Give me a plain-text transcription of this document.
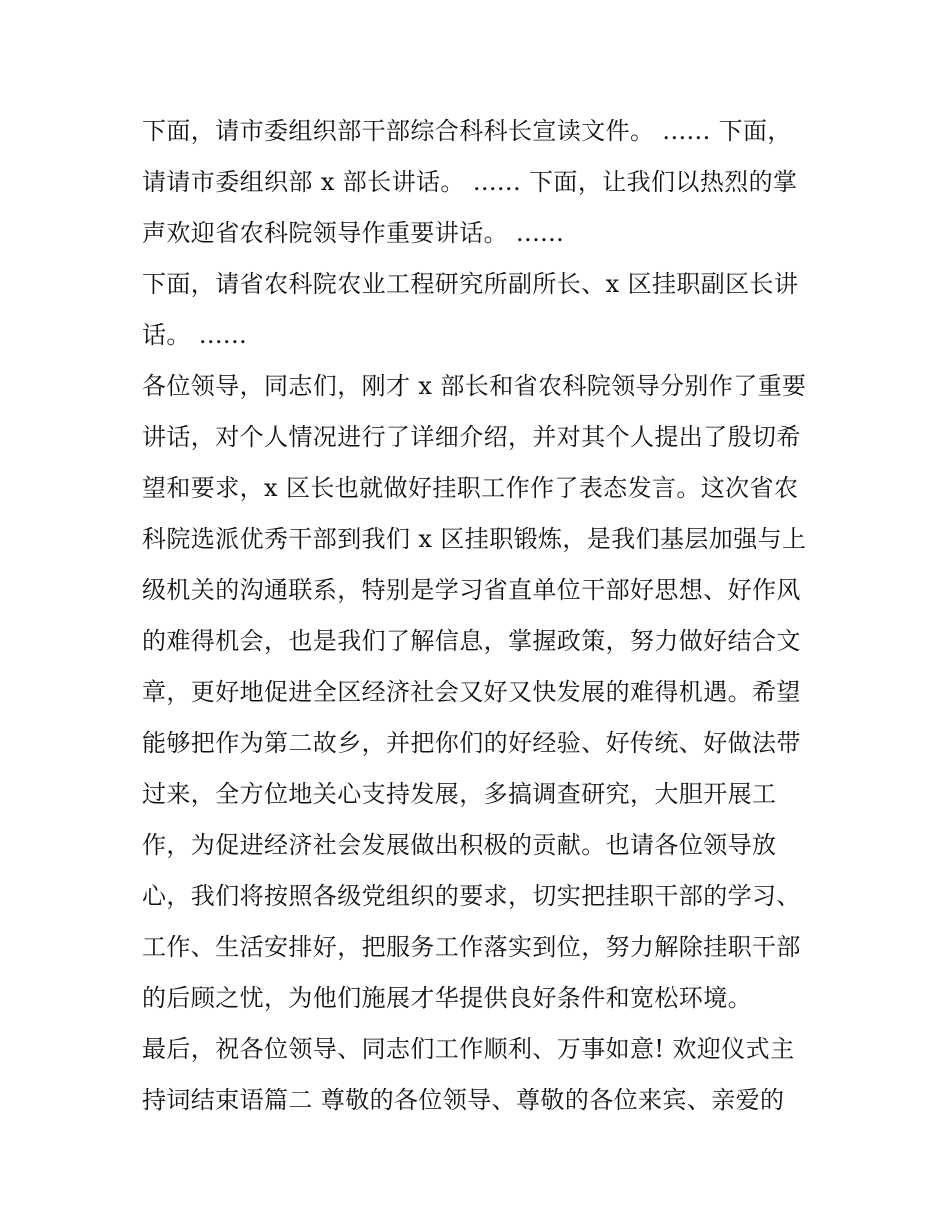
下面，请市委组织部干部综合科科长宣读文件。 ...... 下面，
请请市委组织部 x 部长讲话。 ...... 下面，让我们以热烈的掌
声欢迎省农科院领导作重要讲话。 ......
下面，请省农科院农业工程研究所副所长、x 区挂职副区长讲
话。 ......
各位领导，同志们，刚才 x 部长和省农科院领导分别作了重要
讲话，对个人情况进行了详细介绍，并对其个人提出了殷切希
望和要求，x 区长也就做好挂职工作作了表态发言。这次省农
科院选派优秀干部到我们 x 区挂职锻炼，是我们基层加强与上
级机关的沟通联系，特别是学习省直单位干部好思想、好作风
的难得机会，也是我们了解信息，掌握政策，努力做好结合文
章，更好地促进全区经济社会又好又快发展的难得机遇。希望
能够把作为第二故乡，并把你们的好经验、好传统、好做法带
过来，全方位地关心支持发展，多搞调查研究，大胆开展工
作，为促进经济社会发展做出积极的贡献。也请各位领导放
心，我们将按照各级党组织的要求，切实把挂职干部的学习、
工作、生活安排好，把服务工作落实到位，努力解除挂职干部
的后顾之忧，为他们施展才华提供良好条件和宽松环境。
最后，祝各位领导、同志们工作顺利、万事如意! 欢迎仪式主
持词结束语篇二 尊敬的各位领导、尊敬的各位来宾、亲爱的
